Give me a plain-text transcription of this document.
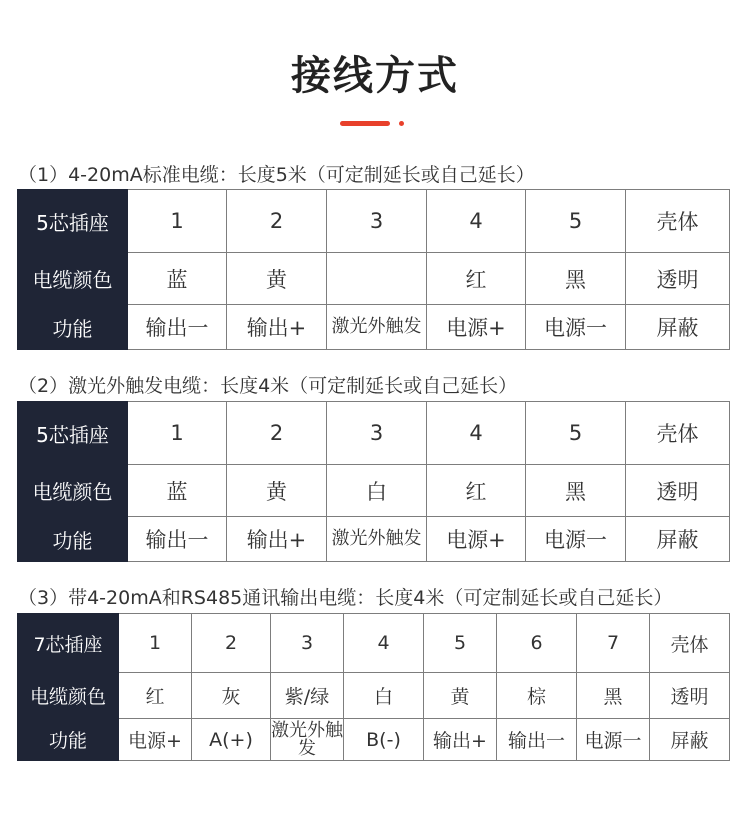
接线方式
（1）4-20mA标准电缆：长度5米（可定制延长或自己延长）
5芯插座	1	2	3	4	5	壳体
电缆颜色	蓝	黄		红	黑	透明
功能	输出一	输出+	激光外触发	电源+	电源一	屏蔽
（2）激光外触发电缆：长度4米（可定制延长或自己延长）
5芯插座	1	2	3	4	5	壳体
电缆颜色	蓝	黄	白	红	黑	透明
功能	输出一	输出+	激光外触发	电源+	电源一	屏蔽
（3）带4-20mA和RS485通讯输出电缆：长度4米（可定制延长或自己延长）
7芯插座	1	2	3	4	5	6	7	壳体
电缆颜色	红	灰	紫/绿	白	黄	棕	黑	透明
功能	电源+	A(+)	激光外触发	B(-)	输出+	输出一	电源一	屏蔽
